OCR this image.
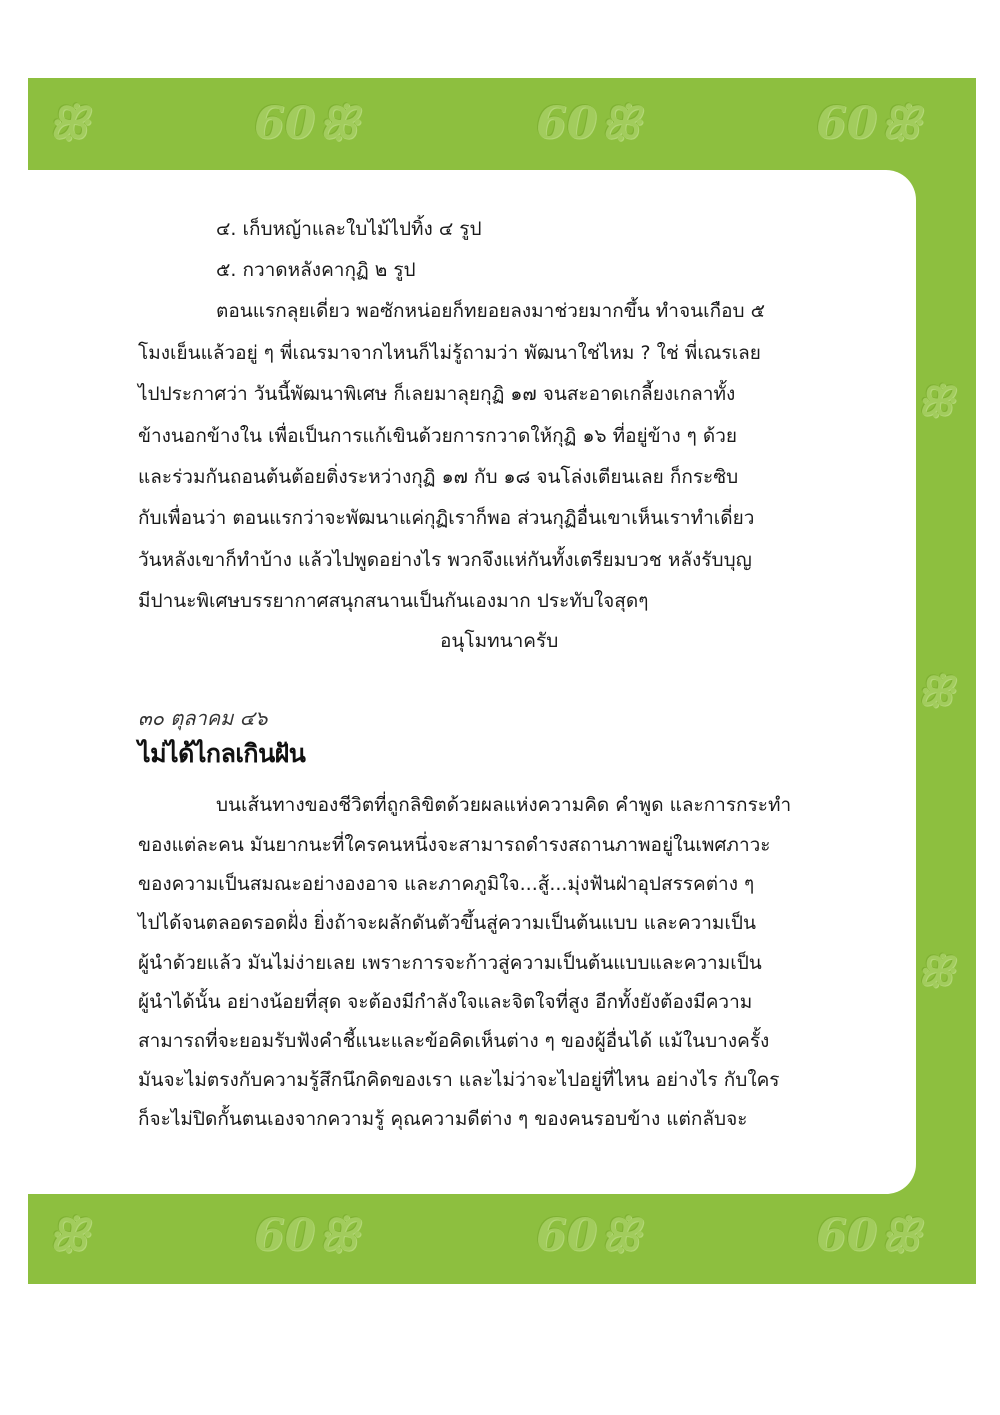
ꕥ	60 ꕥ	60 ꕥ	60 ꕥ
ꕥ
ꕥ
ꕥ
ꕥ	60 ꕥ	60 ꕥ	60 ꕥ
๔. เก็บหญ้าและใบไม้ไปทิ้ง ๔ รูป
๕. กวาดหลังคากุฏิ ๒ รูป
ตอนแรกลุยเดี่ยว พอซักหน่อยก็ทยอยลงมาช่วยมากขึ้น ทำจนเกือบ ๕
โมงเย็นแล้วอยู่ ๆ พี่เณรมาจากไหนก็ไม่รู้ถามว่า พัฒนาใช่ไหม ? ใช่ พี่เณรเลย
ไปประกาศว่า วันนี้พัฒนาพิเศษ ก็เลยมาลุยกุฏิ ๑๗ จนสะอาดเกลี้ยงเกลาทั้ง
ข้างนอกข้างใน เพื่อเป็นการแก้เขินด้วยการกวาดให้กุฏิ ๑๖ ที่อยู่ข้าง ๆ ด้วย
และร่วมกันถอนต้นต้อยติ่งระหว่างกุฏิ ๑๗ กับ ๑๘ จนโล่งเตียนเลย ก็กระซิบ
กับเพื่อนว่า ตอนแรกว่าจะพัฒนาแค่กุฏิเราก็พอ ส่วนกุฏิอื่นเขาเห็นเราทำเดี่ยว
วันหลังเขาก็ทำบ้าง แล้วไปพูดอย่างไร พวกจึงแห่กันทั้งเตรียมบวช หลังรับบุญ
มีปานะพิเศษบรรยากาศสนุกสนานเป็นกันเองมาก ประทับใจสุดๆ
อนุโมทนาครับ
๓๐ ตุลาคม ๔๖
ไม่ได้ไกลเกินฝัน
บนเส้นทางของชีวิตที่ถูกลิขิตด้วยผลแห่งความคิด คำพูด และการกระทำ
ของแต่ละคน มันยากนะที่ใครคนหนึ่งจะสามารถดำรงสถานภาพอยู่ในเพศภาวะ
ของความเป็นสมณะอย่างองอาจ และภาคภูมิใจ...สู้...มุ่งฟันฝ่าอุปสรรคต่าง ๆ
ไปได้จนตลอดรอดฝั่ง ยิ่งถ้าจะผลักดันตัวขึ้นสู่ความเป็นต้นแบบ และความเป็น
ผู้นำด้วยแล้ว มันไม่ง่ายเลย เพราะการจะก้าวสู่ความเป็นต้นแบบและความเป็น
ผู้นำได้นั้น อย่างน้อยที่สุด จะต้องมีกำลังใจและจิตใจที่สูง อีกทั้งยังต้องมีความ
สามารถที่จะยอมรับฟังคำชี้แนะและข้อคิดเห็นต่าง ๆ ของผู้อื่นได้ แม้ในบางครั้ง
มันจะไม่ตรงกับความรู้สึกนึกคิดของเรา และไม่ว่าจะไปอยู่ที่ไหน อย่างไร กับใคร
ก็จะไม่ปิดกั้นตนเองจากความรู้ คุณความดีต่าง ๆ ของคนรอบข้าง แต่กลับจะ
